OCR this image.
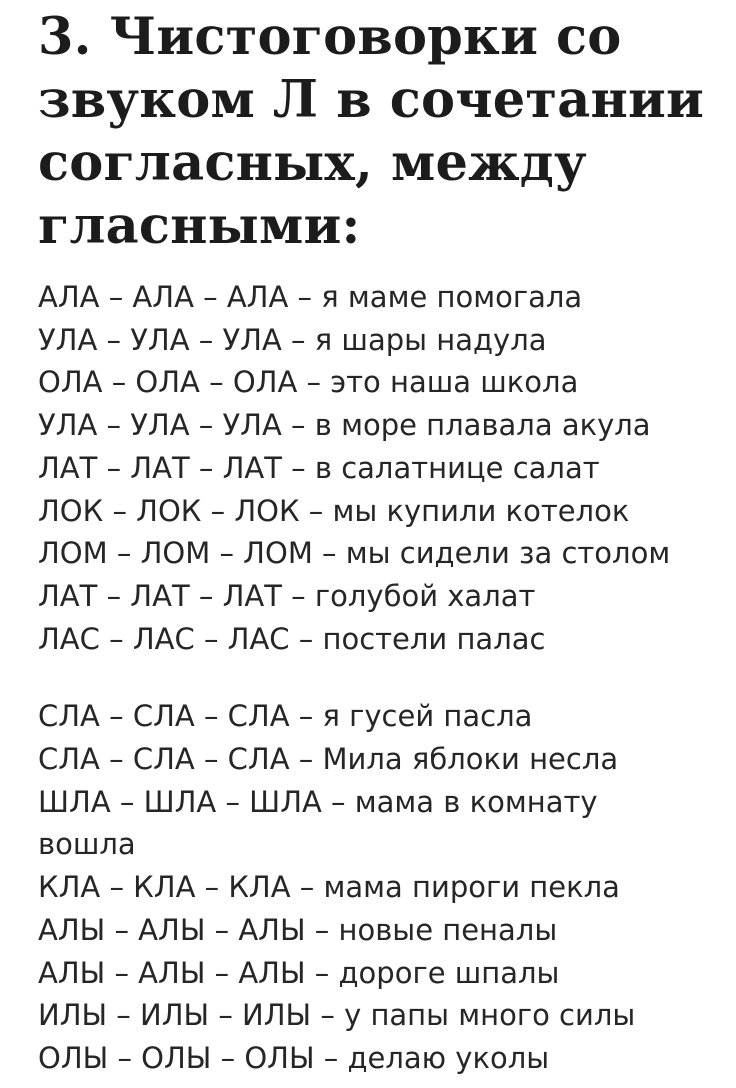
3. Чистоговорки со
звуком Л в сочетании
согласных, между
гласными:
АЛА – АЛА – АЛА – я маме помогала
УЛА – УЛА – УЛА – я шары надула
ОЛА – ОЛА – ОЛА – это наша школа
УЛА – УЛА – УЛА – в море плавала акула
ЛАТ – ЛАТ – ЛАТ – в салатнице салат
ЛОК – ЛОК – ЛОК – мы купили котелок
ЛОМ – ЛОМ – ЛОМ – мы сидели за столом
ЛАТ – ЛАТ – ЛАТ – голубой халат
ЛАС – ЛАС – ЛАС – постели палас
СЛА – СЛА – СЛА – я гусей пасла
СЛА – СЛА – СЛА – Мила яблоки несла
ШЛА – ШЛА – ШЛА – мама в комнату
вошла
КЛА – КЛА – КЛА – мама пироги пекла
АЛЫ – АЛЫ – АЛЫ – новые пеналы
АЛЫ – АЛЫ – АЛЫ – дороге шпалы
ИЛЫ – ИЛЫ – ИЛЫ – у папы много силы
ОЛЫ – ОЛЫ – ОЛЫ – делаю уколы
